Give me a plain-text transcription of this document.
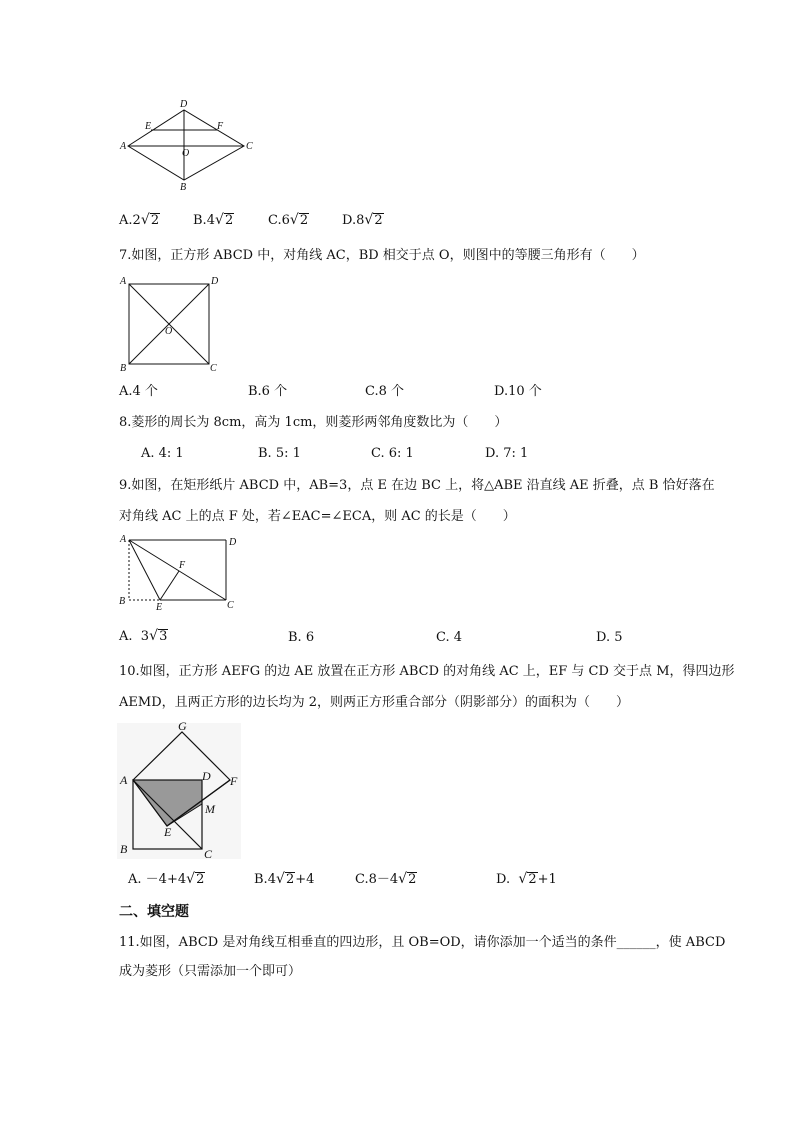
D
E	F
A
O
C
B
A.2 √ 2	B.4 √ 2	C.6 √ 2	D.8 √ 2
7.如图，正方形 ABCD 中，对角线 AC，BD 相交于点 O，则图中的等腰三角形有（　　）
A	D
O
B	C
A.4 个	B.6 个	C.8 个	D.10 个
8.菱形的周长为 8cm，高为 1cm，则菱形两邻角度数比为（　　）
A. 4: 1	B. 5: 1	C. 6: 1	D. 7: 1
9.如图，在矩形纸片 ABCD 中，AB=3，点 E 在边 BC 上，将△ABE 沿直线 AE 折叠，点 B 恰好落在
对角线 AC 上的点 F 处，若∠EAC=∠ECA，则 AC 的长是（　　）
A	D
F
B
E	C
A. 3 √ 3	B. 6	C. 4	D. 5
10.如图，正方形 AEFG 的边 AE 放置在正方形 ABCD 的对角线 AC 上，EF 与 CD 交于点 M，得四边形
AEMD，且两正方形的边长均为 2，则两正方形重合部分（阴影部分）的面积为（　　）
G
A	D F
M
E
B	C
A. －4+4 √ 2	B.4 √ 2+4	C.8－4 √ 2	D. √ 2+1
二、填空题
11.如图，ABCD 是对角线互相垂直的四边形，且 OB=OD，请你添加一个适当的条件______，使 ABCD
成为菱形（只需添加一个即可）
